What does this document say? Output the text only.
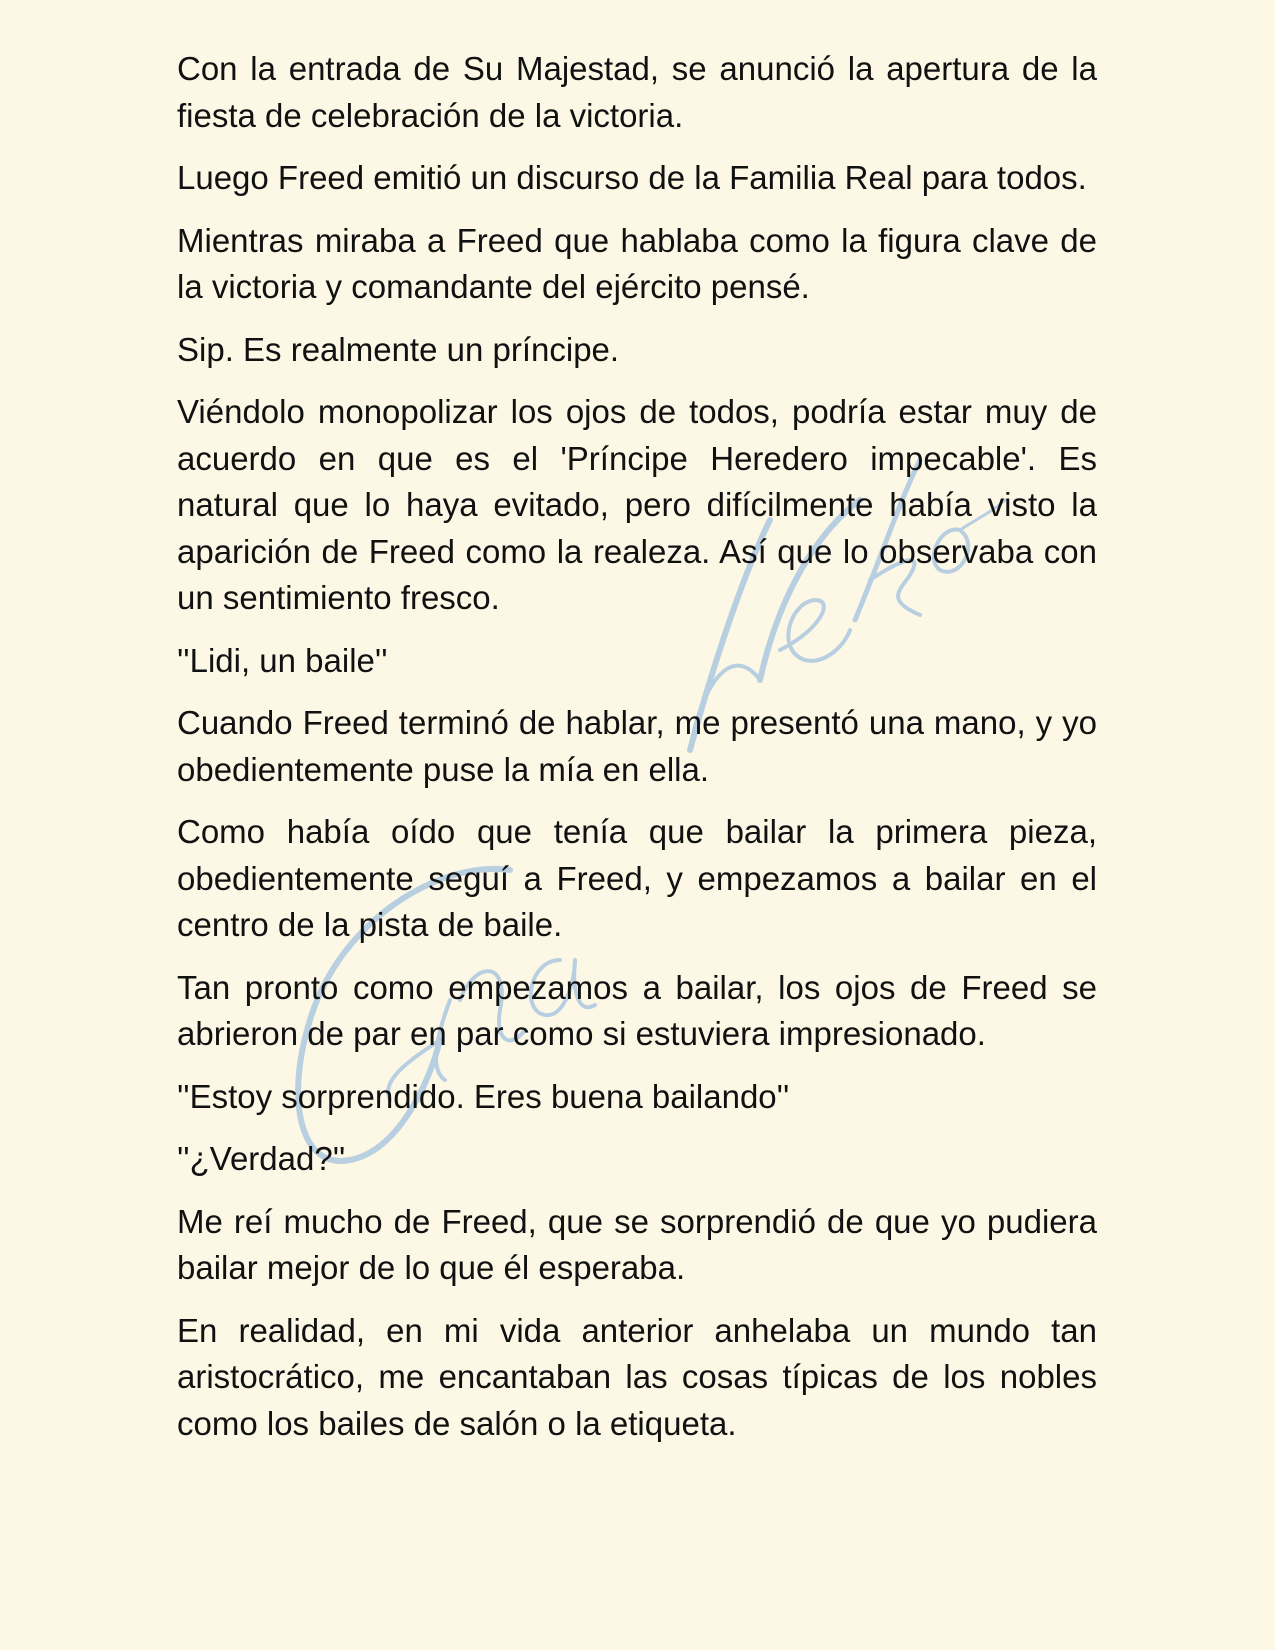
Con la entrada de Su Majestad, se anunció la apertura de la fiesta de celebración de la victoria.

Luego Freed emitió un discurso de la Familia Real para todos.

Mientras miraba a Freed que hablaba como la figura clave de la victoria y comandante del ejército pensé.

Sip. Es realmente un príncipe.

Viéndolo monopolizar los ojos de todos, podría estar muy de acuerdo en que es el 'Príncipe Heredero impecable'. Es natural que lo haya evitado, pero difícilmente había visto la aparición de Freed como la realeza. Así que lo observaba con un sentimiento fresco.

''Lidi, un baile''

Cuando Freed terminó de hablar, me presentó una mano, y yo obedientemente puse la mía en ella.

Como había oído que tenía que bailar la primera pieza, obedientemente seguí a Freed, y empezamos a bailar en el centro de la pista de baile.

Tan pronto como empezamos a bailar, los ojos de Freed se abrieron de par en par como si estuviera impresionado.

''Estoy sorprendido. Eres buena bailando''

''¿Verdad?''

Me reí mucho de Freed, que se sorprendió de que yo pudiera bailar mejor de lo que él esperaba.

En realidad, en mi vida anterior anhelaba un mundo tan aristocrático, me encantaban las cosas típicas de los nobles como los bailes de salón o la etiqueta.
